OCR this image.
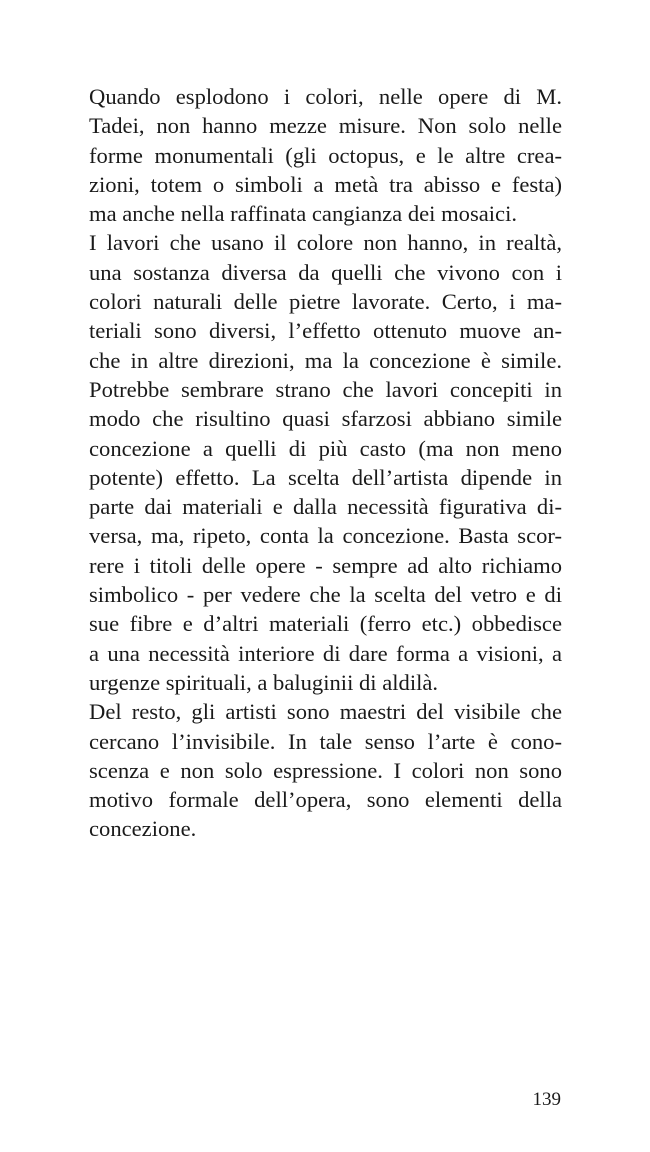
Quando esplodono i colori, nelle opere di M.
Tadei, non hanno mezze misure. Non solo nelle
forme monumentali (gli octopus, e le altre crea-
zioni, totem o simboli a metà tra abisso e festa)
ma anche nella raffinata cangianza dei mosaici.
I lavori che usano il colore non hanno, in realtà,
una sostanza diversa da quelli che vivono con i
colori naturali delle pietre lavorate. Certo, i ma-
teriali sono diversi, l’effetto ottenuto muove an-
che in altre direzioni, ma la concezione è simile.
Potrebbe sembrare strano che lavori concepiti in
modo che risultino quasi sfarzosi abbiano simile
concezione a quelli di più casto (ma non meno
potente) effetto. La scelta dell’artista dipende in
parte dai materiali e dalla necessità figurativa di-
versa, ma, ripeto, conta la concezione. Basta scor-
rere i titoli delle opere - sempre ad alto richiamo
simbolico - per vedere che la scelta del vetro e di
sue fibre e d’altri materiali (ferro etc.) obbedisce
a una necessità interiore di dare forma a visioni, a
urgenze spirituali, a baluginii di aldilà.
Del resto, gli artisti sono maestri del visibile che
cercano l’invisibile. In tale senso l’arte è cono-
scenza e non solo espressione. I colori non sono
motivo formale dell’opera, sono elementi della
concezione.
139
